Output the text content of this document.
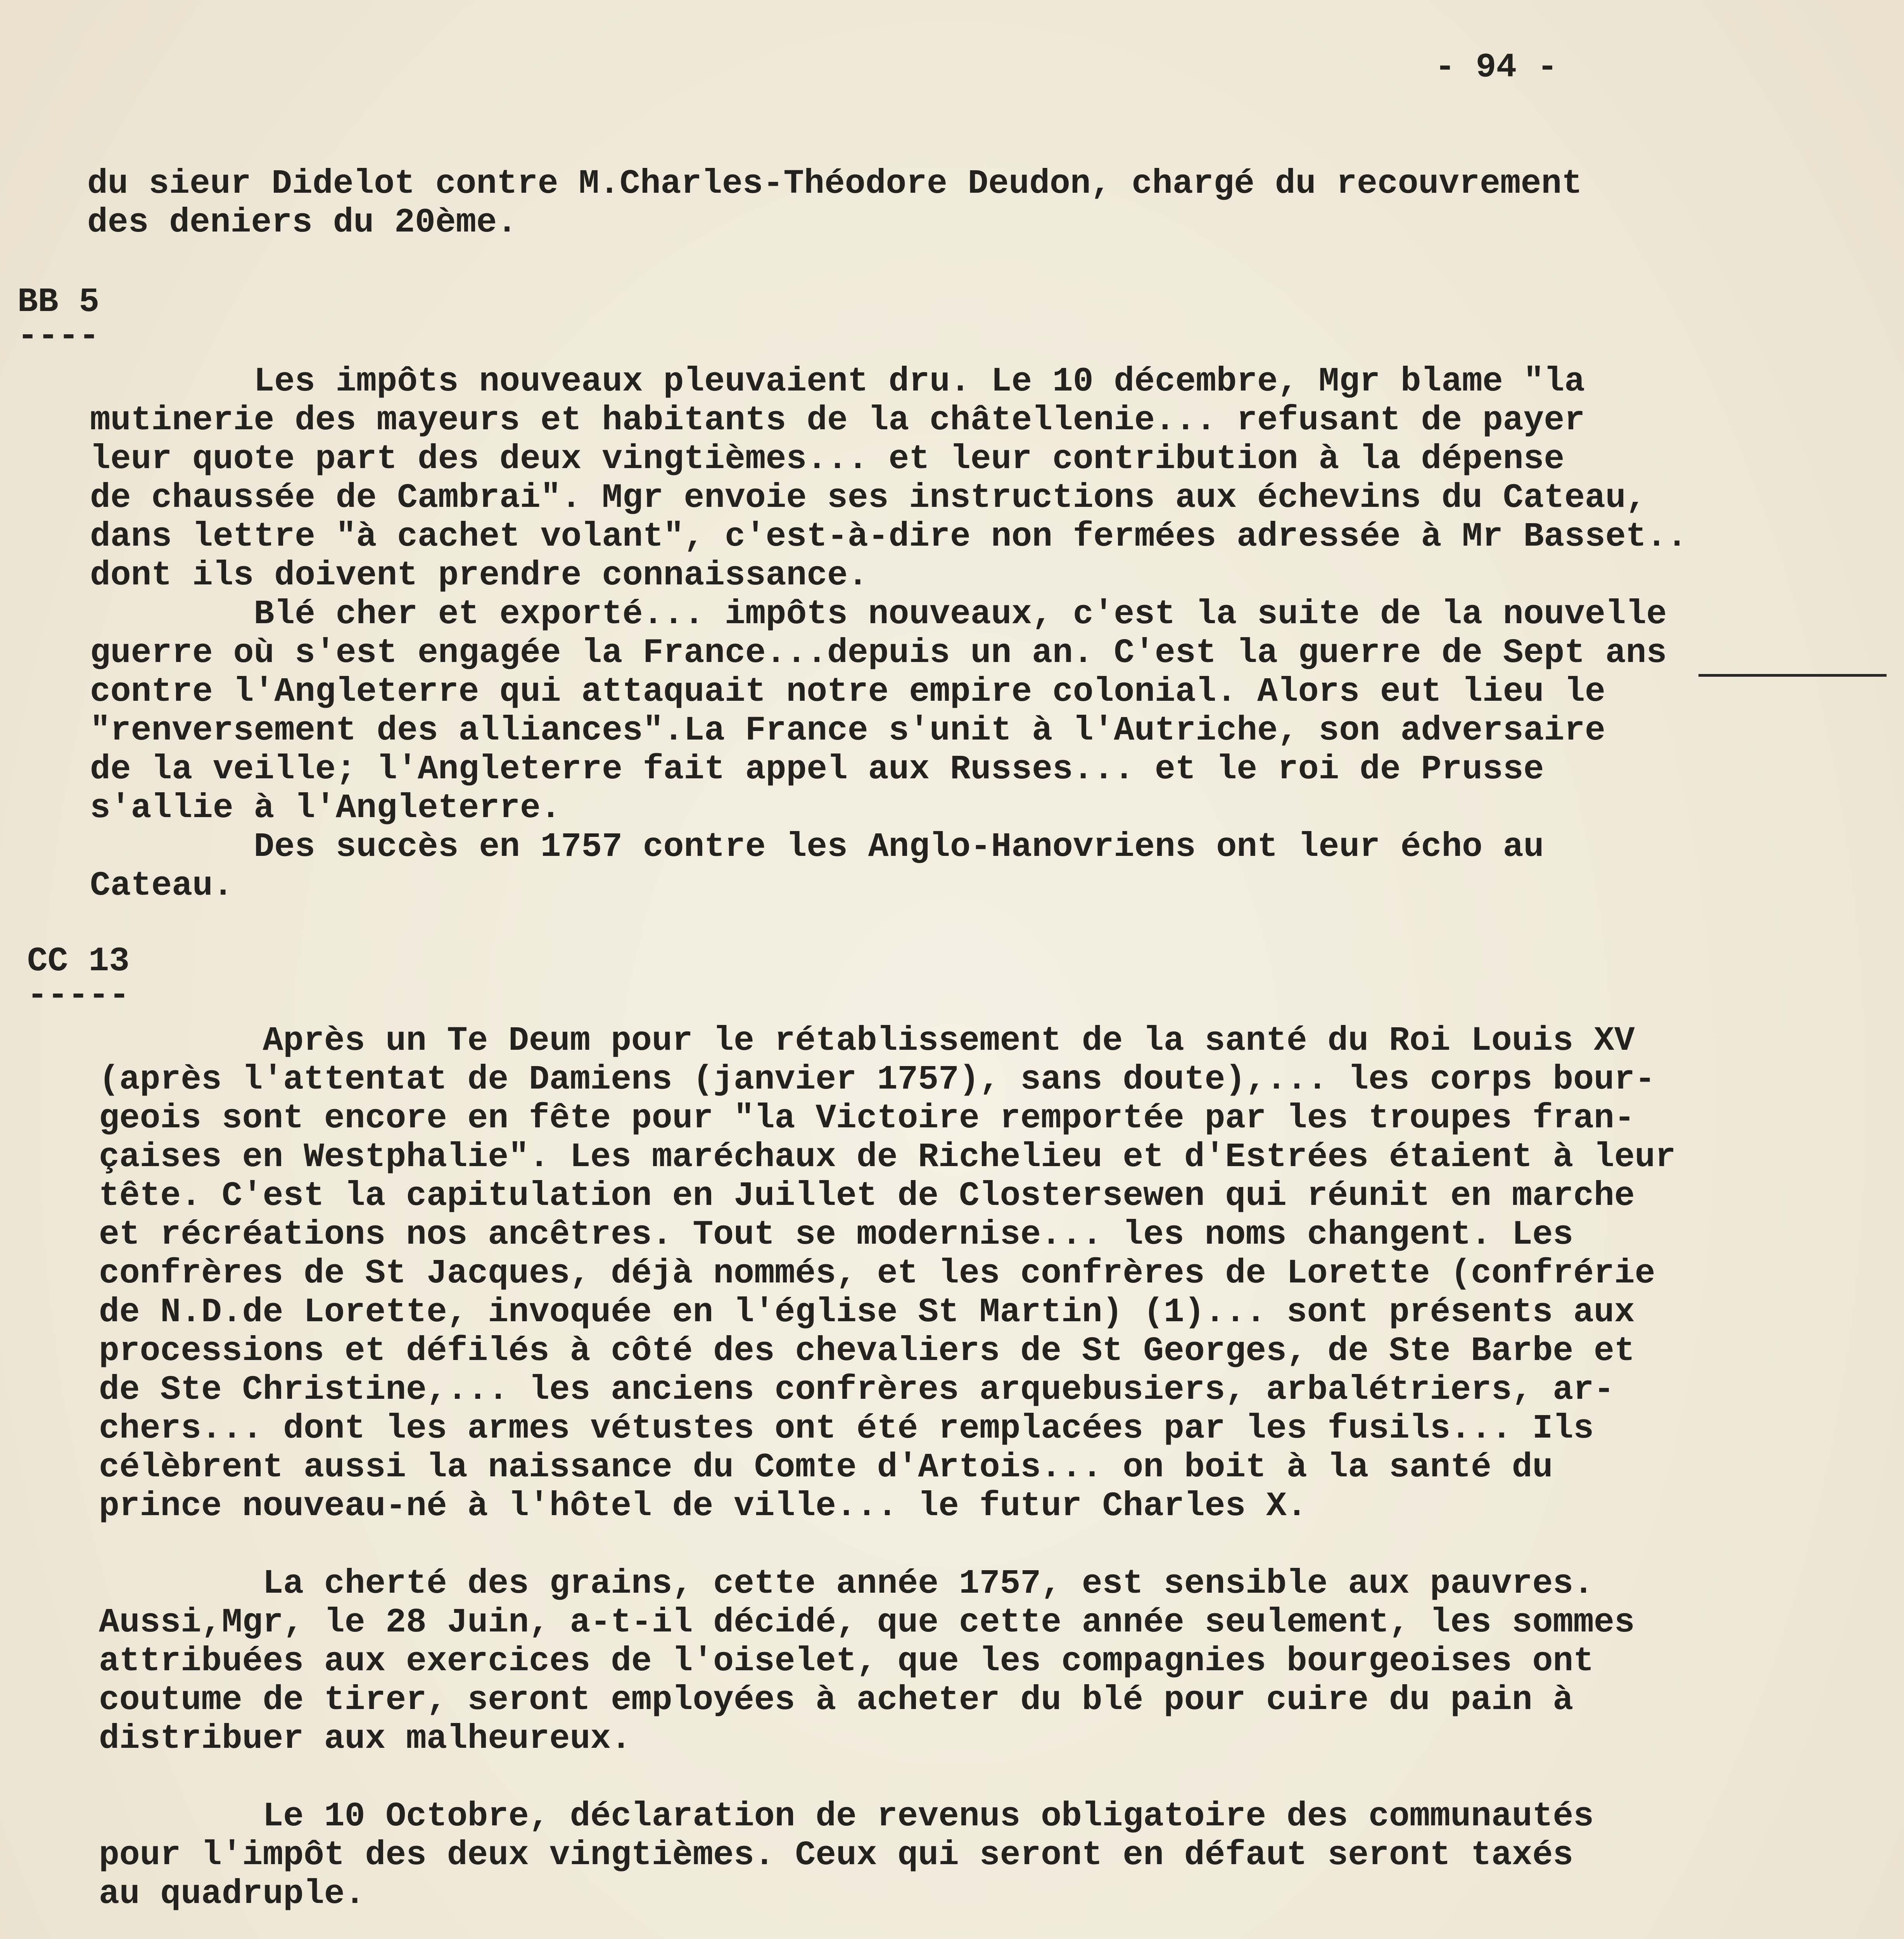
- 94 -
du sieur Didelot contre M.Charles-Théodore Deudon, chargé du recouvrement
des deniers du 20ème.
BB 5
----
Les impôts nouveaux pleuvaient dru. Le 10 décembre, Mgr blame "la
mutinerie des mayeurs et habitants de la châtellenie... refusant de payer
leur quote part des deux vingtièmes... et leur contribution à la dépense
de chaussée de Cambrai". Mgr envoie ses instructions aux échevins du Cateau,
dans lettre "à cachet volant", c'est-à-dire non fermées adressée à Mr Basset..
dont ils doivent prendre connaissance.
Blé cher et exporté... impôts nouveaux, c'est la suite de la nouvelle
guerre où s'est engagée la France...depuis un an. C'est la guerre de Sept ans
contre l'Angleterre qui attaquait notre empire colonial. Alors eut lieu le
"renversement des alliances".La France s'unit à l'Autriche, son adversaire
de la veille; l'Angleterre fait appel aux Russes... et le roi de Prusse
s'allie à l'Angleterre.
Des succès en 1757 contre les Anglo-Hanovriens ont leur écho au
Cateau.
CC 13
-----
Après un Te Deum pour le rétablissement de la santé du Roi Louis XV
(après l'attentat de Damiens (janvier 1757), sans doute),... les corps bour-
geois sont encore en fête pour "la Victoire remportée par les troupes fran-
çaises en Westphalie". Les maréchaux de Richelieu et d'Estrées étaient à leur
tête. C'est la capitulation en Juillet de Clostersewen qui réunit en marche
et récréations nos ancêtres. Tout se modernise... les noms changent. Les
confrères de St Jacques, déjà nommés, et les confrères de Lorette (confrérie
de N.D.de Lorette, invoquée en l'église St Martin) (1)... sont présents aux
processions et défilés à côté des chevaliers de St Georges, de Ste Barbe et
de Ste Christine,... les anciens confrères arquebusiers, arbalétriers, ar-
chers... dont les armes vétustes ont été remplacées par les fusils... Ils
célèbrent aussi la naissance du Comte d'Artois... on boit à la santé du
prince nouveau-né à l'hôtel de ville... le futur Charles X.
La cherté des grains, cette année 1757, est sensible aux pauvres.
Aussi,Mgr, le 28 Juin, a-t-il décidé, que cette année seulement, les sommes
attribuées aux exercices de l'oiselet, que les compagnies bourgeoises ont
coutume de tirer, seront employées à acheter du blé pour cuire du pain à
distribuer aux malheureux.
Le 10 Octobre, déclaration de revenus obligatoire des communautés
pour l'impôt des deux vingtièmes. Ceux qui seront en défaut seront taxés
au quadruple.
